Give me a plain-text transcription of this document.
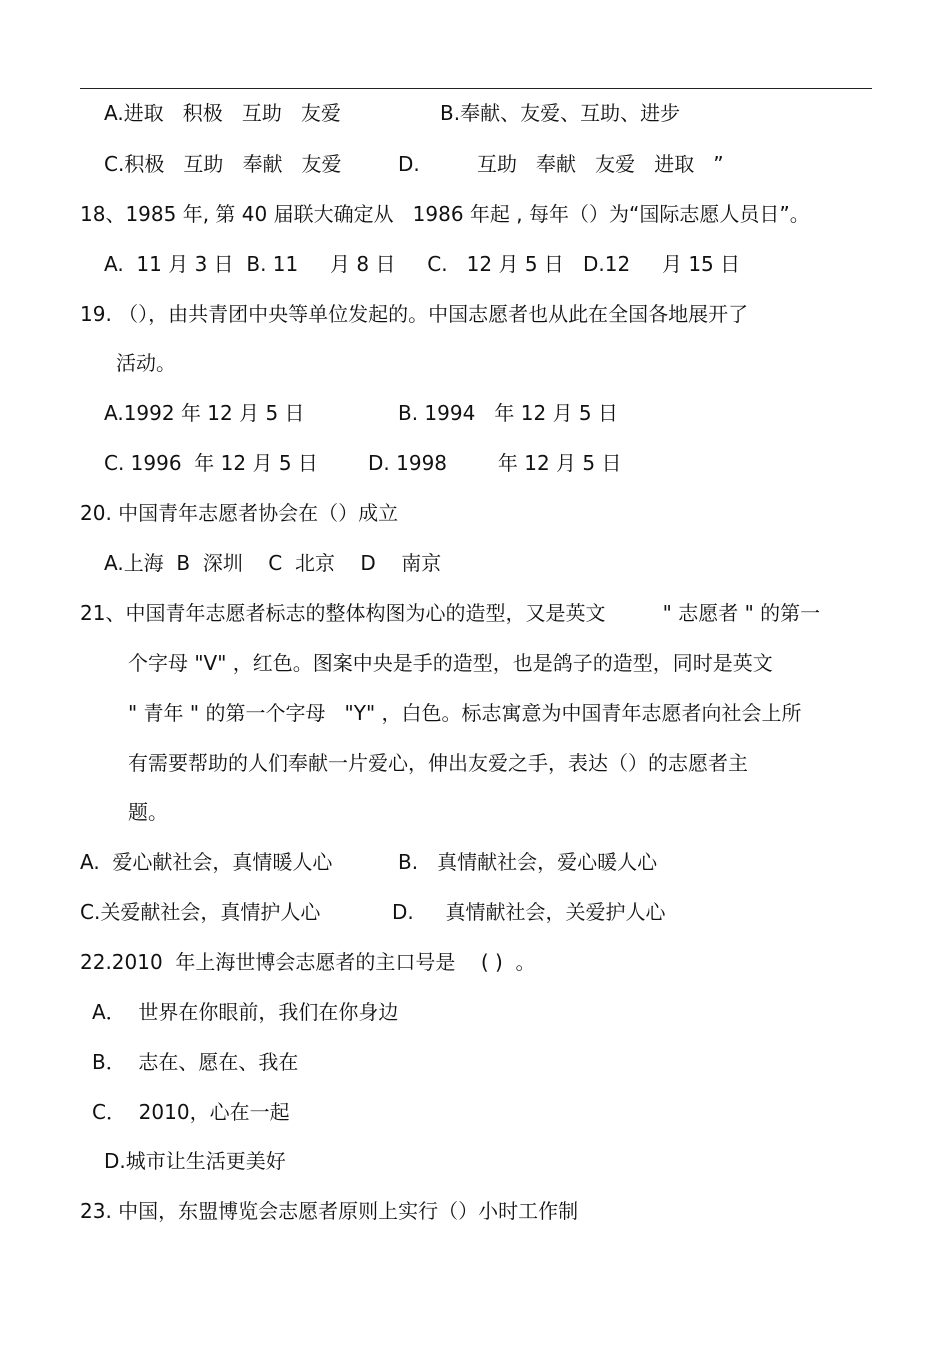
A.进取   积极   互助   友爱	B.奉献、友爱、互助、进步
C.积极   互助   奉献   友爱	D.         互助   奉献   友爱   进取   ”
18、1985 年, 第 40 届联大确定从   1986 年起 , 每年（）为“国际志愿人员日”。
A.  11 月 3 日  B. 11     月 8 日     C.   12 月 5 日   D.12     月 15 日
19. （），由共青团中央等单位发起的。中国志愿者也从此在全国各地展开了
活动。
A.1992 年 12 月 5 日	B. 1994   年 12 月 5 日
C. 1996  年 12 月 5 日	D. 1998        年 12 月 5 日
20. 中国青年志愿者协会在（）成立
A.上海  B  深圳    C  北京    D    南京
21、中国青年志愿者标志的整体构图为心的造型，又是英文         " 志愿者 " 的第一
个字母 "V" ，红色。图案中央是手的造型，也是鸽子的造型，同时是英文
" 青年 " 的第一个字母   "Y" ，白色。标志寓意为中国青年志愿者向社会上所
有需要帮助的人们奉献一片爱心，伸出友爱之手，表达（）的志愿者主
题。
A.  爱心献社会，真情暖人心	B.   真情献社会，爱心暖人心
C.关爱献社会，真情护人心	D.     真情献社会，关爱护人心
22.2010  年上海世博会志愿者的主口号是    ( )  。
A．  世界在你眼前，我们在你身边
B．  志在、愿在、我在
C．  2010，心在一起
D.城市让生活更美好
23. 中国，东盟博览会志愿者原则上实行（）小时工作制
